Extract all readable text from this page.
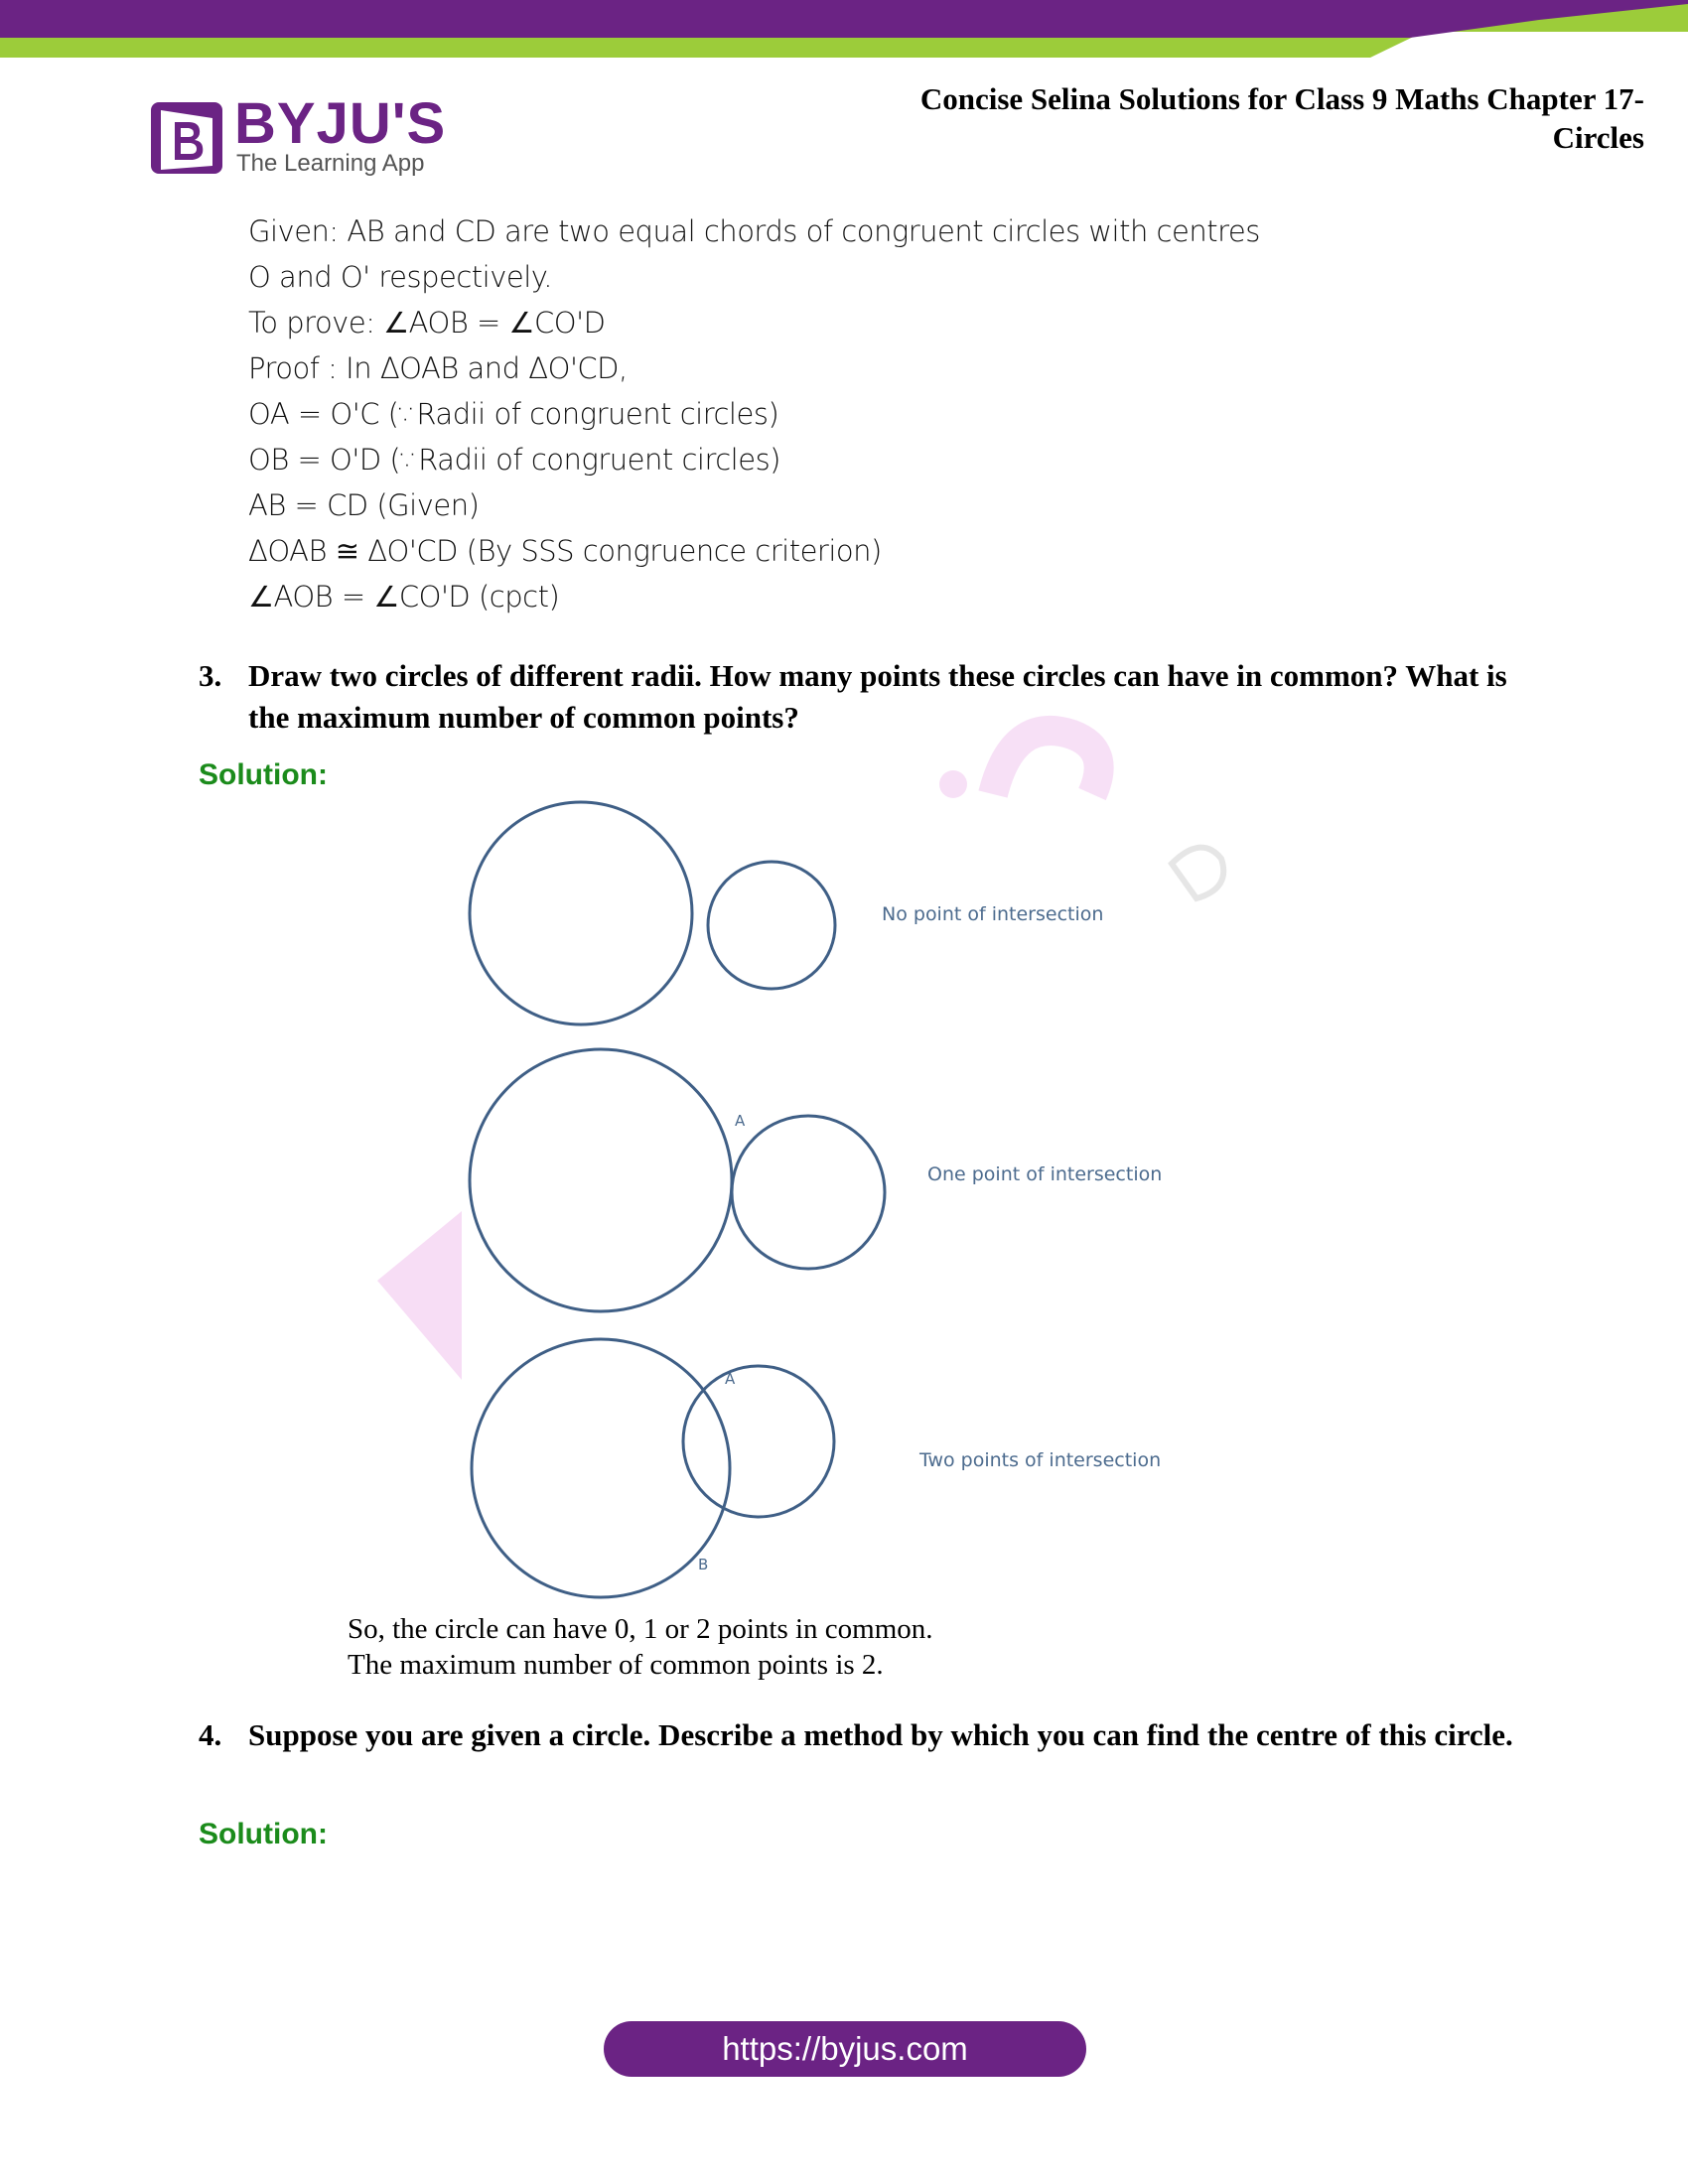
BYJU'S
The Learning App
Concise Selina Solutions for Class 9 Maths Chapter 17-
Circles
Given: AB and CD are two equal chords of congruent circles with centres
O and O' respectively.
To prove: ∠AOB = ∠CO'D
Proof : In ΔOAB and ΔO'CD,
OA = O'C (∵Radii of congruent circles)
OB = O'D (∵Radii of congruent circles)
AB = CD (Given)
ΔOAB ≅ ΔO'CD (By SSS congruence criterion)
∠AOB = ∠CO'D (cpct)
3. Draw two circles of different radii. How many points these circles can have in common? What is the maximum number of common points?
Solution:
No point of intersection
A
One point of intersection
A
Two points of intersection
B
So, the circle can have 0, 1 or 2 points in common.
The maximum number of common points is 2.
4. Suppose you are given a circle. Describe a method by which you can find the centre of this circle.
Solution:
https://byjus.com
